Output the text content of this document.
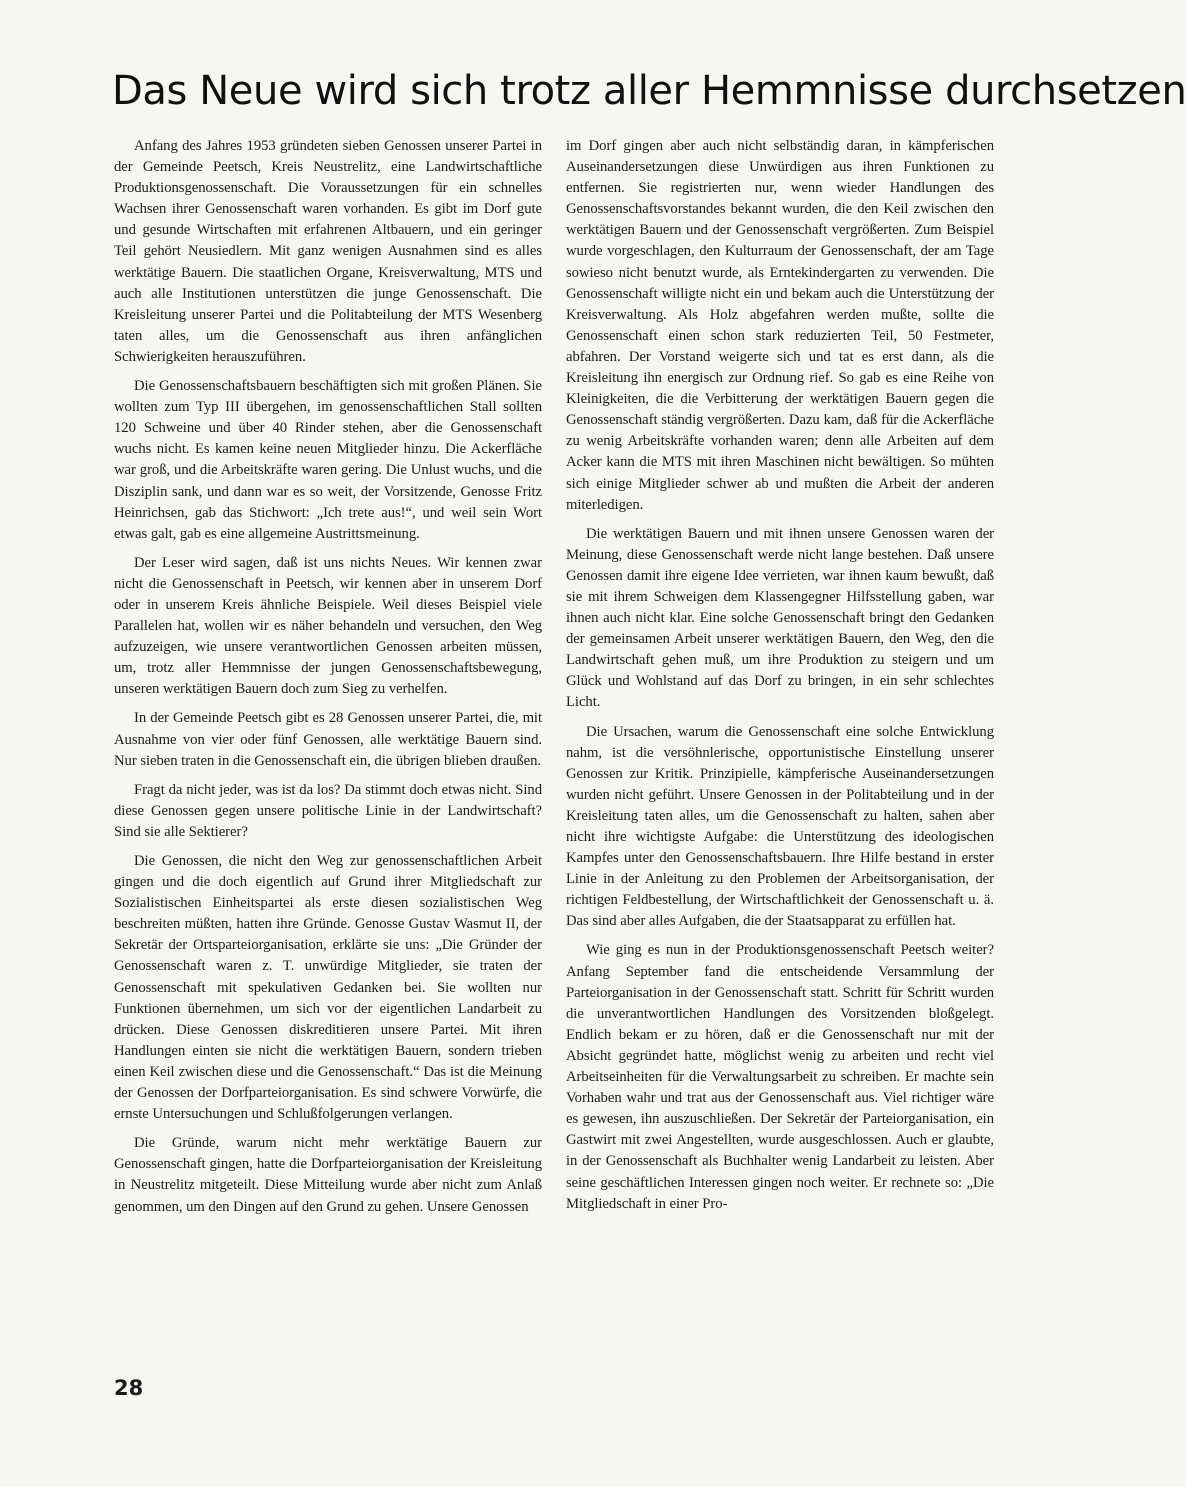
Das Neue wird sich trotz aller Hemmnisse durchsetzen

Anfang des Jahres 1953 gründeten sieben Genossen unserer Partei in der Gemeinde Peetsch, Kreis Neustrelitz, eine Landwirtschaftliche Produktionsgenossenschaft. Die Voraussetzungen für ein schnelles Wachsen ihrer Genossenschaft waren vorhanden. Es gibt im Dorf gute und gesunde Wirtschaften mit erfahrenen Altbauern, und ein geringer Teil gehört Neusiedlern. Mit ganz wenigen Ausnahmen sind es alles werktätige Bauern. Die staatlichen Organe, Kreisverwaltung, MTS und auch alle Institutionen unterstützen die junge Genossenschaft. Die Kreisleitung unserer Partei und die Politabteilung der MTS Wesenberg taten alles, um die Genossenschaft aus ihren anfänglichen Schwierigkeiten herauszuführen.

Die Genossenschaftsbauern beschäftigten sich mit großen Plänen. Sie wollten zum Typ III übergehen, im genossenschaftlichen Stall sollten 120 Schweine und über 40 Rinder stehen, aber die Genossenschaft wuchs nicht. Es kamen keine neuen Mitglieder hinzu. Die Ackerfläche war groß, und die Arbeitskräfte waren gering. Die Unlust wuchs, und die Disziplin sank, und dann war es so weit, der Vorsitzende, Genosse Fritz Heinrichsen, gab das Stichwort: „Ich trete aus!“, und weil sein Wort etwas galt, gab es eine allgemeine Austrittsmeinung.

Der Leser wird sagen, daß ist uns nichts Neues. Wir kennen zwar nicht die Genossenschaft in Peetsch, wir kennen aber in unserem Dorf oder in unserem Kreis ähnliche Beispiele. Weil dieses Beispiel viele Parallelen hat, wollen wir es näher behandeln und versuchen, den Weg aufzuzeigen, wie unsere verantwortlichen Genossen arbeiten müssen, um, trotz aller Hemmnisse der jungen Genossenschaftsbewegung, unseren werktätigen Bauern doch zum Sieg zu verhelfen.

In der Gemeinde Peetsch gibt es 28 Genossen unserer Partei, die, mit Ausnahme von vier oder fünf Genossen, alle werktätige Bauern sind. Nur sieben traten in die Genossenschaft ein, die übrigen blieben draußen.

Fragt da nicht jeder, was ist da los? Da stimmt doch etwas nicht. Sind diese Genossen gegen unsere politische Linie in der Landwirtschaft? Sind sie alle Sektierer?

Die Genossen, die nicht den Weg zur genossenschaftlichen Arbeit gingen und die doch eigentlich auf Grund ihrer Mitgliedschaft zur Sozialistischen Einheitspartei als erste diesen sozialistischen Weg beschreiten müßten, hatten ihre Gründe. Genosse Gustav Wasmut II, der Sekretär der Ortsparteiorganisation, erklärte sie uns: „Die Gründer der Genossenschaft waren z. T. unwürdige Mitglieder, sie traten der Genossenschaft mit spekulativen Gedanken bei. Sie wollten nur Funktionen übernehmen, um sich vor der eigentlichen Landarbeit zu drücken. Diese Genossen diskreditieren unsere Partei. Mit ihren Handlungen einten sie nicht die werktätigen Bauern, sondern trieben einen Keil zwischen diese und die Genossenschaft.“ Das ist die Meinung der Genossen der Dorfparteiorganisation. Es sind schwere Vorwürfe, die ernste Untersuchungen und Schlußfolgerungen verlangen.

Die Gründe, warum nicht mehr werktätige Bauern zur Genossenschaft gingen, hatte die Dorfparteiorganisation der Kreisleitung in Neustrelitz mitgeteilt. Diese Mitteilung wurde aber nicht zum Anlaß genommen, um den Dingen auf den Grund zu gehen. Unsere Genossen

im Dorf gingen aber auch nicht selbständig daran, in kämpferischen Auseinandersetzungen diese Unwürdigen aus ihren Funktionen zu entfernen. Sie registrierten nur, wenn wieder Handlungen des Genossenschaftsvorstandes bekannt wurden, die den Keil zwischen den werktätigen Bauern und der Genossenschaft vergrößerten. Zum Beispiel wurde vorgeschlagen, den Kulturraum der Genossenschaft, der am Tage sowieso nicht benutzt wurde, als Erntekindergarten zu verwenden. Die Genossenschaft willigte nicht ein und bekam auch die Unterstützung der Kreisverwaltung. Als Holz abgefahren werden mußte, sollte die Genossenschaft einen schon stark reduzierten Teil, 50 Festmeter, abfahren. Der Vorstand weigerte sich und tat es erst dann, als die Kreisleitung ihn energisch zur Ordnung rief. So gab es eine Reihe von Kleinigkeiten, die die Verbitterung der werktätigen Bauern gegen die Genossenschaft ständig vergrößerten. Dazu kam, daß für die Ackerfläche zu wenig Arbeitskräfte vorhanden waren; denn alle Arbeiten auf dem Acker kann die MTS mit ihren Maschinen nicht bewältigen. So mühten sich einige Mitglieder schwer ab und mußten die Arbeit der anderen miterledigen.

Die werktätigen Bauern und mit ihnen unsere Genossen waren der Meinung, diese Genossenschaft werde nicht lange bestehen. Daß unsere Genossen damit ihre eigene Idee verrieten, war ihnen kaum bewußt, daß sie mit ihrem Schweigen dem Klassengegner Hilfsstellung gaben, war ihnen auch nicht klar. Eine solche Genossenschaft bringt den Gedanken der gemeinsamen Arbeit unserer werktätigen Bauern, den Weg, den die Landwirtschaft gehen muß, um ihre Produktion zu steigern und um Glück und Wohlstand auf das Dorf zu bringen, in ein sehr schlechtes Licht.

Die Ursachen, warum die Genossenschaft eine solche Entwicklung nahm, ist die versöhnlerische, opportunistische Einstellung unserer Genossen zur Kritik. Prinzipielle, kämpferische Auseinandersetzungen wurden nicht geführt. Unsere Genossen in der Politabteilung und in der Kreisleitung taten alles, um die Genossenschaft zu halten, sahen aber nicht ihre wichtigste Aufgabe: die Unterstützung des ideologischen Kampfes unter den Genossenschaftsbauern. Ihre Hilfe bestand in erster Linie in der Anleitung zu den Problemen der Arbeitsorganisation, der richtigen Feldbestellung, der Wirtschaftlichkeit der Genossenschaft u. ä. Das sind aber alles Aufgaben, die der Staatsapparat zu erfüllen hat.

Wie ging es nun in der Produktionsgenossenschaft Peetsch weiter? Anfang September fand die entscheidende Versammlung der Parteiorganisation in der Genossenschaft statt. Schritt für Schritt wurden die unverantwortlichen Handlungen des Vorsitzenden bloßgelegt. Endlich bekam er zu hören, daß er die Genossenschaft nur mit der Absicht gegründet hatte, möglichst wenig zu arbeiten und recht viel Arbeitseinheiten für die Verwaltungsarbeit zu schreiben. Er machte sein Vorhaben wahr und trat aus der Genossenschaft aus. Viel richtiger wäre es gewesen, ihn auszuschließen. Der Sekretär der Parteiorganisation, ein Gastwirt mit zwei Angestellten, wurde ausgeschlossen. Auch er glaubte, in der Genossenschaft als Buchhalter wenig Landarbeit zu leisten. Aber seine geschäftlichen Interessen gingen noch weiter. Er rechnete so: „Die Mitgliedschaft in einer Pro-

28
